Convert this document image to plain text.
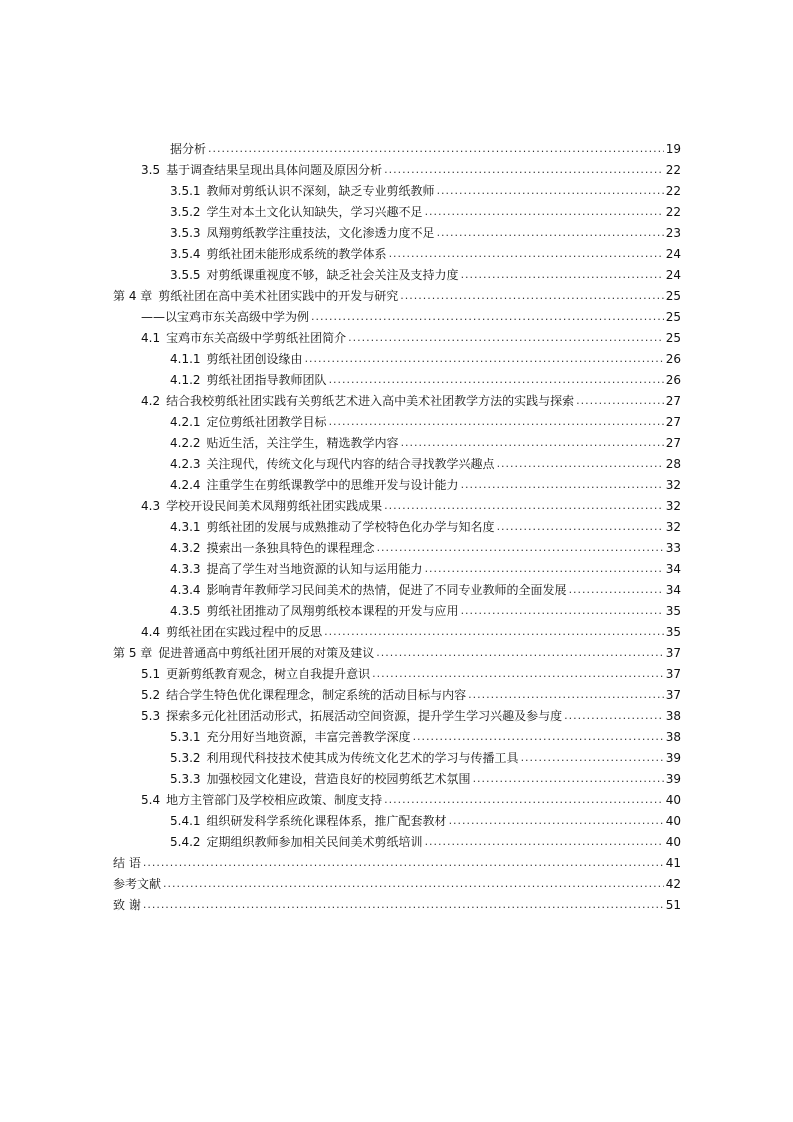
据分析 .....	19
3.5 基于调查结果呈现出具体问题及原因分析 .....	22
3.5.1 教师对剪纸认识不深刻，缺乏专业剪纸教师 .....	22
3.5.2 学生对本土文化认知缺失，学习兴趣不足 .....	22
3.5.3 凤翔剪纸教学注重技法，文化渗透力度不足 .....	23
3.5.4 剪纸社团未能形成系统的教学体系 .....	24
3.5.5 对剪纸课重视度不够，缺乏社会关注及支持力度 .....	24
第 4 章 剪纸社团在高中美术社团实践中的开发与研究 .....	25
——以宝鸡市东关高级中学为例 .....	25
4.1 宝鸡市东关高级中学剪纸社团简介 .....	25
4.1.1 剪纸社团创设缘由 .....	26
4.1.2 剪纸社团指导教师团队 .....	26
4.2 结合我校剪纸社团实践有关剪纸艺术进入高中美术社团教学方法的实践与探索 .....	27
4.2.1 定位剪纸社团教学目标 .....	27
4.2.2 贴近生活，关注学生，精选教学内容 .....	27
4.2.3 关注现代，传统文化与现代内容的结合寻找教学兴趣点 .....	28
4.2.4 注重学生在剪纸课教学中的思维开发与设计能力 .....	32
4.3 学校开设民间美术凤翔剪纸社团实践成果 .....	32
4.3.1 剪纸社团的发展与成熟推动了学校特色化办学与知名度 .....	32
4.3.2 摸索出一条独具特色的课程理念 .....	33
4.3.3 提高了学生对当地资源的认知与运用能力 .....	34
4.3.4 影响青年教师学习民间美术的热情，促进了不同专业教师的全面发展 .....	34
4.3.5 剪纸社团推动了凤翔剪纸校本课程的开发与应用 .....	35
4.4 剪纸社团在实践过程中的反思 .....	35
第 5 章 促进普通高中剪纸社团开展的对策及建议 .....	37
5.1 更新剪纸教育观念，树立自我提升意识 .....	37
5.2 结合学生特色优化课程理念，制定系统的活动目标与内容 .....	37
5.3 探索多元化社团活动形式，拓展活动空间资源，提升学生学习兴趣及参与度 .....	38
5.3.1 充分用好当地资源，丰富完善教学深度 .....	38
5.3.2 利用现代科技技术使其成为传统文化艺术的学习与传播工具 .....	39
5.3.3 加强校园文化建设，营造良好的校园剪纸艺术氛围 .....	39
5.4 地方主管部门及学校相应政策、制度支持 .....	40
5.4.1 组织研发科学系统化课程体系，推广配套教材 .....	40
5.4.2 定期组织教师参加相关民间美术剪纸培训 .....	40
结 语 .....	41
参考文献 .....	42
致 谢 .....	51
